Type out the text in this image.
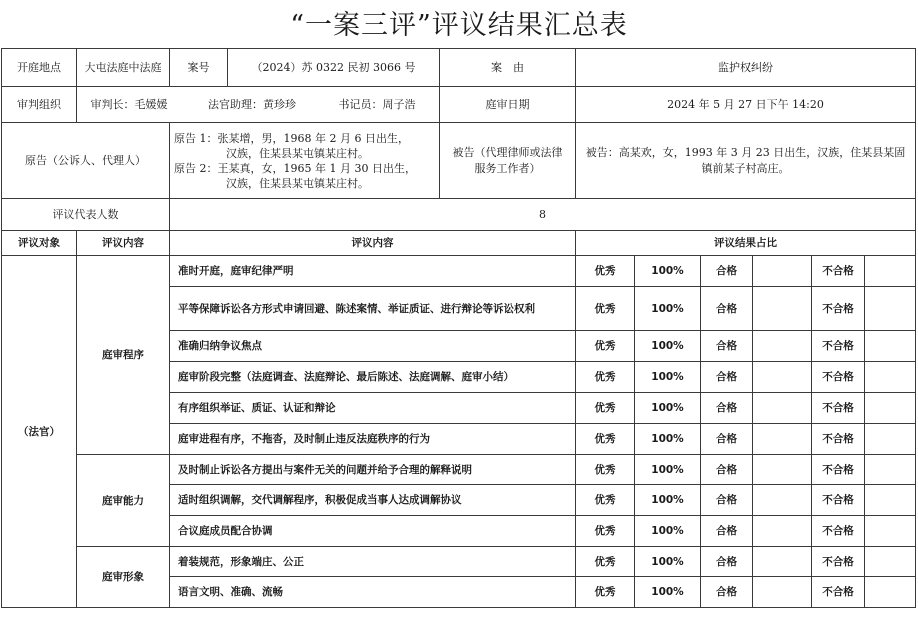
“一案三评”评议结果汇总表
开庭地点	大屯法庭中法庭	案号	（2024）苏 0322 民初 3066 号	案　由	监护权纠纷					
审判组织	审判长：毛媛媛 法官助理：黄珍珍 书记员：周子浩			庭审日期	2024 年 5 月 27 日下午 14:20					
原告（公诉人、代理人）		原告 1：张某增，男，1968 年 2 月 6 日出生，
汉族，住某县某屯镇某庄村。
原告 2：王某真，女，1965 年 1 月 30 日出生，
汉族，住某县某屯镇某庄村。		被告（代理律师或法律服务工作者）	被告：高某欢，女，1993 年 3 月 23 日出生，汉族，住某县某固镇前某子村高庄。					
评议代表人数		8								
评议对象	评议内容	评议内容			评议结果占比					
（法官）	庭审程序	准时开庭，庭审纪律严明			优秀	100%	合格		不合格	
		平等保障诉讼各方形式申请回避、陈述案情、举证质证、进行辩论等诉讼权利			优秀	100%	合格		不合格	
		准确归纳争议焦点			优秀	100%	合格		不合格	
		庭审阶段完整（法庭调查、法庭辩论、最后陈述、法庭调解、庭审小结）			优秀	100%	合格		不合格	
		有序组织举证、质证、认证和辩论			优秀	100%	合格		不合格	
		庭审进程有序，不拖沓，及时制止违反法庭秩序的行为			优秀	100%	合格		不合格	
	庭审能力	及时制止诉讼各方提出与案件无关的问题并给予合理的解释说明			优秀	100%	合格		不合格	
		适时组织调解，交代调解程序，积极促成当事人达成调解协议			优秀	100%	合格		不合格	
		合议庭成员配合协调			优秀	100%	合格		不合格	
	庭审形象	着装规范，形象端庄、公正			优秀	100%	合格		不合格	
		语言文明、准确、流畅			优秀	100%	合格		不合格	
